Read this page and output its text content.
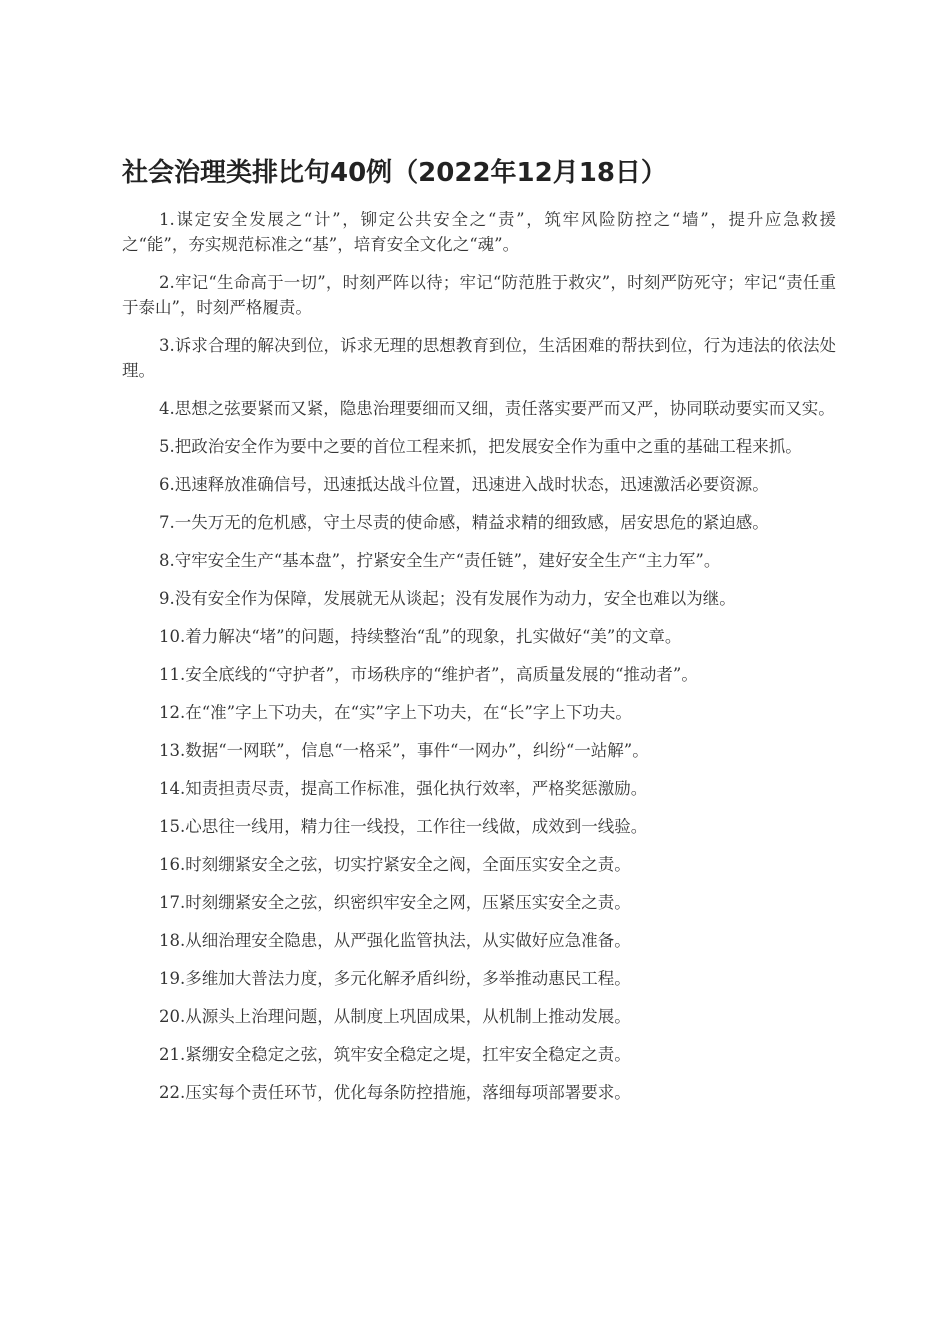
社会治理类排比句40例（2022年12月18日）

1.谋定安全发展之“计”，铆定公共安全之“责”，筑牢风险防控之“墙”，提升应急救援之“能”，夯实规范标准之“基”，培育安全文化之“魂”。

2.牢记“生命高于一切”，时刻严阵以待；牢记“防范胜于救灾”，时刻严防死守；牢记“责任重于泰山”，时刻严格履责。

3.诉求合理的解决到位，诉求无理的思想教育到位，生活困难的帮扶到位，行为违法的依法处理。

4.思想之弦要紧而又紧，隐患治理要细而又细，责任落实要严而又严，协同联动要实而又实。

5.把政治安全作为要中之要的首位工程来抓，把发展安全作为重中之重的基础工程来抓。

6.迅速释放准确信号，迅速抵达战斗位置，迅速进入战时状态，迅速激活必要资源。

7.一失万无的危机感，守土尽责的使命感，精益求精的细致感，居安思危的紧迫感。

8.守牢安全生产“基本盘”，拧紧安全生产“责任链”，建好安全生产“主力军”。

9.没有安全作为保障，发展就无从谈起；没有发展作为动力，安全也难以为继。

10.着力解决“堵”的问题，持续整治“乱”的现象，扎实做好“美”的文章。

11.安全底线的“守护者”，市场秩序的“维护者”，高质量发展的“推动者”。

12.在“准”字上下功夫，在“实”字上下功夫，在“长”字上下功夫。

13.数据“一网联”，信息“一格采”，事件“一网办”，纠纷“一站解”。

14.知责担责尽责，提高工作标准，强化执行效率，严格奖惩激励。

15.心思往一线用，精力往一线投，工作往一线做，成效到一线验。

16.时刻绷紧安全之弦，切实拧紧安全之阀，全面压实安全之责。

17.时刻绷紧安全之弦，织密织牢安全之网，压紧压实安全之责。

18.从细治理安全隐患，从严强化监管执法，从实做好应急准备。

19.多维加大普法力度，多元化解矛盾纠纷，多举推动惠民工程。

20.从源头上治理问题，从制度上巩固成果，从机制上推动发展。

21.紧绷安全稳定之弦，筑牢安全稳定之堤，扛牢安全稳定之责。

22.压实每个责任环节，优化每条防控措施，落细每项部署要求。
